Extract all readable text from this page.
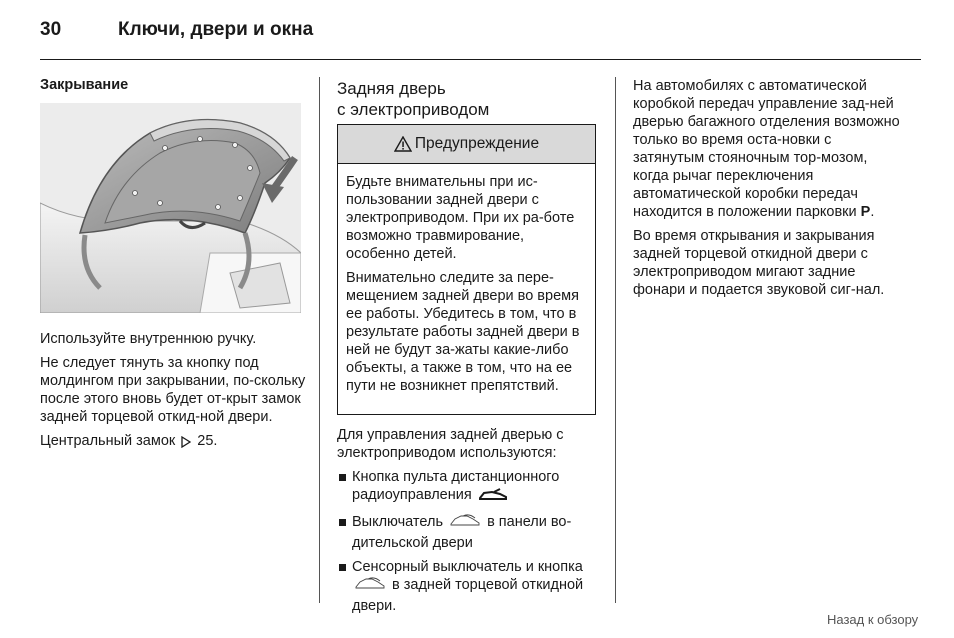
30	Ключи, двери и окна
Закрывание

Используйте внутреннюю ручку.

Не следует тянуть за кнопку под молдингом при закрывании, по-скольку после этого вновь будет от-крыт замок задней торцевой откид-ной двери.

Центральный замок 25.

Задняя дверь
с электроприводом
Предупреждение

Будьте внимательны при ис-пользовании задней двери с электроприводом. При их ра-боте возможно травмирование, особенно детей.

Внимательно следите за пере-мещением задней двери во время ее работы. Убедитесь в том, что в результате работы задней двери в ней не будут за-жаты какие-либо объекты, а также в том, что на ее пути не возникнет препятствий.

Для управления задней дверью с электроприводом используются:

Кнопка пульта дистанционного радиоуправления
Выключатель	в панели во-дительской двери
Сенсорный выключатель и кнопка  в задней торцевой откидной двери.

На автомобилях с автоматической коробкой передач управление зад-ней дверью багажного отделения возможно только во время оста-новки с затянутым стояночным тор-мозом, когда рычаг переключения автоматической коробки передач находится в положении парковки P.

Во время открывания и закрывания задней торцевой откидной двери с электроприводом мигают задние фонари и подается звуковой сиг-нал.

Назад к обзору
